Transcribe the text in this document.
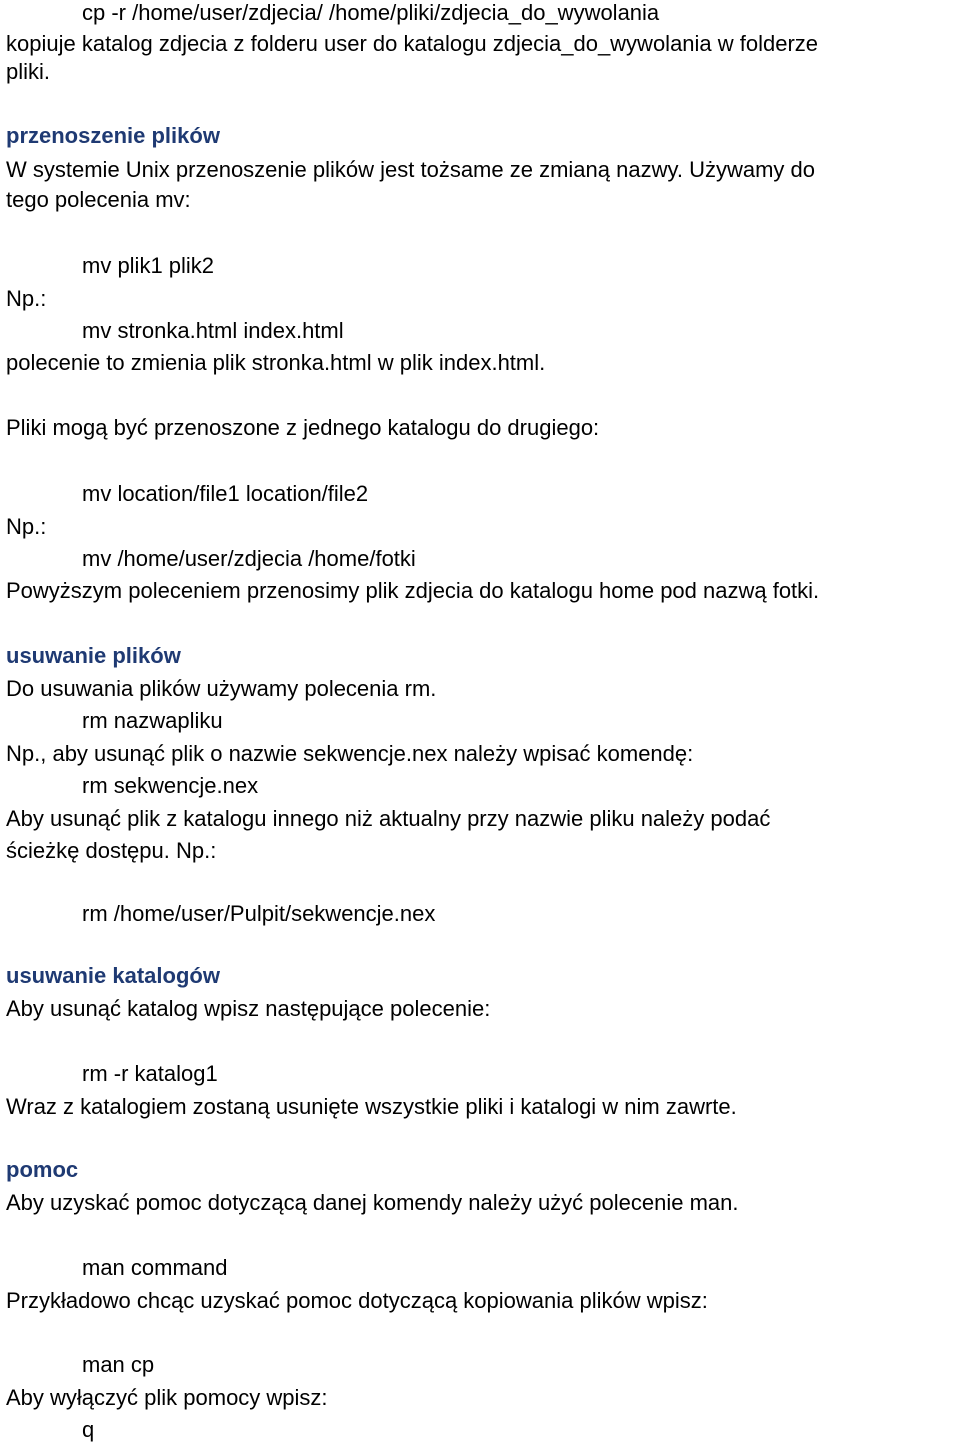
cp -r /home/user/zdjecia/ /home/pliki/zdjecia_do_wywolania
kopiuje katalog zdjecia z folderu user do katalogu zdjecia_do_wywolania w folderze
pliki.
przenoszenie plików
W systemie Unix przenoszenie plików jest tożsame ze zmianą nazwy. Używamy do
tego polecenia mv:
mv plik1 plik2
Np.:
mv stronka.html index.html
polecenie to zmienia plik stronka.html w plik index.html.
Pliki mogą być przenoszone z jednego katalogu do drugiego:
mv location/file1 location/file2
Np.:
mv /home/user/zdjecia /home/fotki
Powyższym poleceniem przenosimy plik zdjecia do katalogu home pod nazwą fotki.
usuwanie plików
Do usuwania plików używamy polecenia rm.
rm nazwapliku
Np., aby usunąć plik o nazwie sekwencje.nex należy wpisać komendę:
rm sekwencje.nex
Aby usunąć plik z katalogu innego niż aktualny przy nazwie pliku należy podać
ścieżkę dostępu. Np.:
rm /home/user/Pulpit/sekwencje.nex
usuwanie katalogów
Aby usunąć katalog wpisz następujące polecenie:
rm -r katalog1
Wraz z katalogiem zostaną usunięte wszystkie pliki i katalogi w nim zawrte.
pomoc
Aby uzyskać pomoc dotyczącą danej komendy należy użyć polecenie man.
man command
Przykładowo chcąc uzyskać pomoc dotyczącą kopiowania plików wpisz:
man cp
Aby wyłączyć plik pomocy wpisz:
q
